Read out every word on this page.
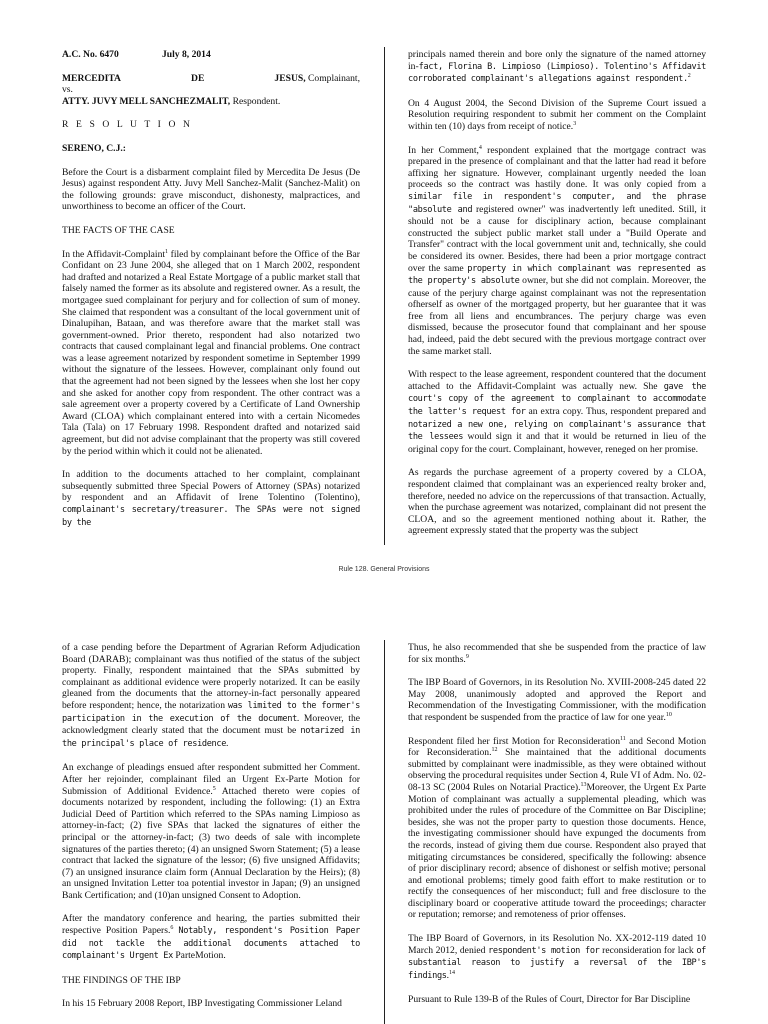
A.C. No. 6470	July 8, 2014

MERCEDITA	DE	JESUS, Complainant,
vs.

ATTY. JUVY MELL SANCHEZMALIT, Respondent.

R E S O L U T I O N

SERENO, C.J.:

Before the Court is a disbarment complaint filed by Mercedita De Jesus (De Jesus) against respondent Atty. Juvy Mell Sanchez-Malit (Sanchez-Malit) on the following grounds: grave misconduct, dishonesty, malpractices, and unworthiness to become an officer of the Court.

THE FACTS OF THE CASE

In the Affidavit-Complaint$^1$ filed by complainant before the Office of the Bar Confidant on 23 June 2004, she alleged that on 1 March 2002, respondent had drafted and notarized a Real Estate Mortgage of a public market stall that falsely named the former as its absolute and registered owner. As a result, the mortgagee sued complainant for perjury and for collection of sum of money. She claimed that respondent was a consultant of the local government unit of Dinalupihan, Bataan, and was therefore aware that the market stall was government-owned. Prior thereto, respondent had also notarized two contracts that caused complainant legal and financial problems. One contract was a lease agreement notarized by respondent sometime in September 1999 without the signature of the lessees. However, complainant only found out that the agreement had not been signed by the lessees when she lost her copy and she asked for another copy from respondent. The other contract was a sale agreement over a property covered by a Certificate of Land Ownership Award (CLOA) which complainant entered into with a certain Nicomedes Tala (Tala) on 17 February 1998. Respondent drafted and notarized said agreement, but did not advise complainant that the property was still covered by the period within which it could not be alienated.

In addition to the documents attached to her complaint, complainant subsequently submitted three Special Powers of Attorney (SPAs) notarized by respondent and an Affidavit of Irene Tolentino (Tolentino), complainant's secretary/treasurer. The SPAs were not signed by the

principals named therein and bore only the signature of the named attorney in-fact, Florina B. Limpioso (Limpioso). Tolentino's Affidavit corroborated complainant's allegations against respondent.$^2$

On 4 August 2004, the Second Division of the Supreme Court issued a Resolution requiring respondent to submit her comment on the Complaint within ten (10) days from receipt of notice.$^3$

In her Comment,$^4$ respondent explained that the mortgage contract was prepared in the presence of complainant and that the latter had read it before affixing her signature. However, complainant urgently needed the loan proceeds so the contract was hastily done. It was only copied from a similar file in respondent's computer, and the phrase "absolute and registered owner" was inadvertently left unedited. Still, it should not be a cause for disciplinary action, because complainant constructed the subject public market stall under a "Build Operate and Transfer" contract with the local government unit and, technically, she could be considered its owner. Besides, there had been a prior mortgage contract over the same property in which complainant was represented as the property's absolute owner, but she did not complain. Moreover, the cause of the perjury charge against complainant was not the representation ofherself as owner of the mortgaged property, but her guarantee that it was free from all liens and encumbrances. The perjury charge was even dismissed, because the prosecutor found that complainant and her spouse had, indeed, paid the debt secured with the previous mortgage contract over the same market stall.

With respect to the lease agreement, respondent countered that the document attached to the Affidavit-Complaint was actually new. She gave the court's copy of the agreement to complainant to accommodate the latter's request for an extra copy. Thus, respondent prepared and notarized a new one, relying on complainant's assurance that the lessees would sign it and that it would be returned in lieu of the original copy for the court. Complainant, however, reneged on her promise.

As regards the purchase agreement of a property covered by a CLOA, respondent claimed that complainant was an experienced realty broker and, therefore, needed no advice on the repercussions of that transaction. Actually, when the purchase agreement was notarized, complainant did not present the CLOA, and so the agreement mentioned nothing about it. Rather, the agreement expressly stated that the property was the subject

Rule 128. General Provisions

of a case pending before the Department of Agrarian Reform Adjudication Board (DARAB); complainant was thus notified of the status of the subject property. Finally, respondent maintained that the SPAs submitted by complainant as additional evidence were properly notarized. It can be easily gleaned from the documents that the attorney-in-fact personally appeared before respondent; hence, the notarization was limited to the former's participation in the execution of the document. Moreover, the acknowledgment clearly stated that the document must be notarized in the principal's place of residence.

An exchange of pleadings ensued after respondent submitted her Comment. After her rejoinder, complainant filed an Urgent Ex-Parte Motion for Submission of Additional Evidence.$^5$ Attached thereto were copies of documents notarized by respondent, including the following: (1) an Extra Judicial Deed of Partition which referred to the SPAs naming Limpioso as attorney-in-fact; (2) five SPAs that lacked the signatures of either the principal or the attorney-in-fact; (3) two deeds of sale with incomplete signatures of the parties thereto; (4) an unsigned Sworn Statement; (5) a lease contract that lacked the signature of the lessor; (6) five unsigned Affidavits; (7) an unsigned insurance claim form (Annual Declaration by the Heirs); (8) an unsigned Invitation Letter toa potential investor in Japan; (9) an unsigned Bank Certification; and (10)an unsigned Consent to Adoption.

After the mandatory conference and hearing, the parties submitted their respective Position Papers.$^6$ Notably, respondent's Position Paper did not tackle the additional documents attached to complainant's Urgent Ex ParteMotion.

THE FINDINGS OF THE IBP

In his 15 February 2008 Report, IBP Investigating Commissioner Leland

Thus, he also recommended that she be suspended from the practice of law for six months.$^9$

The IBP Board of Governors, in its Resolution No. XVIII-2008-245 dated 22 May 2008, unanimously adopted and approved the Report and Recommendation of the Investigating Commissioner, with the modification that respondent be suspended from the practice of law for one year.$^{10}$

Respondent filed her first Motion for Reconsideration$^{11}$ and Second Motion for Reconsideration.$^{12}$ She maintained that the additional documents submitted by complainant were inadmissible, as they were obtained without observing the procedural requisites under Section 4, Rule VI of Adm. No. 02-08-13 SC (2004 Rules on Notarial Practice).$^{13}$Moreover, the Urgent Ex Parte Motion of complainant was actually a supplemental pleading, which was prohibited under the rules of procedure of the Committee on Bar Discipline; besides, she was not the proper party to question those documents. Hence, the investigating commissioner should have expunged the documents from the records, instead of giving them due course. Respondent also prayed that mitigating circumstances be considered, specifically the following: absence of prior disciplinary record; absence of dishonest or selfish motive; personal and emotional problems; timely good faith effort to make restitution or to rectify the consequences of her misconduct; full and free disclosure to the disciplinary board or cooperative attitude toward the proceedings; character or reputation; remorse; and remoteness of prior offenses.

The IBP Board of Governors, in its Resolution No. XX-2012-119 dated 10 March 2012, denied respondent's motion for reconsideration for lack of substantial reason to justify a reversal of the IBP's findings.$^{14}$

Pursuant to Rule 139-B of the Rules of Court, Director for Bar Discipline
